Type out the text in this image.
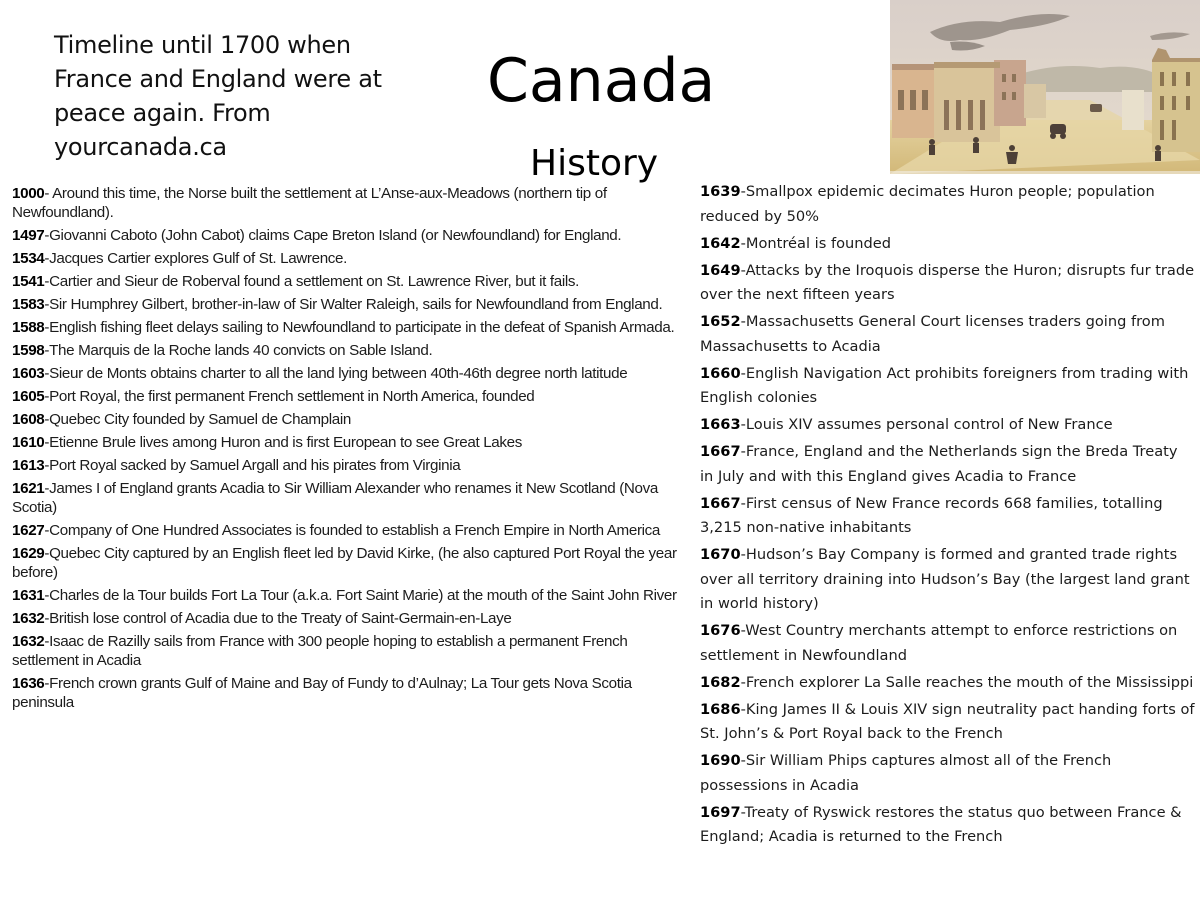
Timeline until 1700 when France and England were at peace again. From yourcanada.ca
Canada
History

1000- Around this time, the Norse built the settlement at L’Anse-aux-Meadows (northern tip of Newfoundland).

1497-Giovanni Caboto (John Cabot) claims Cape Breton Island (or Newfoundland) for England.

1534-Jacques Cartier explores Gulf of St. Lawrence.

1541-Cartier and Sieur de Roberval found a settlement on St. Lawrence River, but it fails.

1583-Sir Humphrey Gilbert, brother-in-law of Sir Walter Raleigh, sails for Newfoundland from England.

1588-English fishing fleet delays sailing to Newfoundland to participate in the defeat of Spanish Armada.

1598-The Marquis de la Roche lands 40 convicts on Sable Island.

1603-Sieur de Monts obtains charter to all the land lying between 40th-46th degree north latitude

1605-Port Royal, the first permanent French settlement in North America, founded

1608-Quebec City founded by Samuel de Champlain

1610-Etienne Brule lives among Huron and is first European to see Great Lakes

1613-Port Royal sacked by Samuel Argall and his pirates from Virginia

1621-James I of England grants Acadia to Sir William Alexander who renames it New Scotland (Nova Scotia)

1627-Company of One Hundred Associates is founded to establish a French Empire in North America

1629-Quebec City captured by an English fleet led by David Kirke, (he also captured Port Royal the year before)

1631-Charles de la Tour builds Fort La Tour (a.k.a. Fort Saint Marie) at the mouth of the Saint John River

1632-British lose control of Acadia due to the Treaty of Saint-Germain-en-Laye

1632-Isaac de Razilly sails from France with 300 people hoping to establish a permanent French settlement in Acadia

1636-French crown grants Gulf of Maine and Bay of Fundy to d’Aulnay; La Tour gets Nova Scotia peninsula

1639-Smallpox epidemic decimates Huron people; population reduced by 50%

1642-Montréal is founded

1649-Attacks by the Iroquois disperse the Huron; disrupts fur trade over the next fifteen years

1652-Massachusetts General Court licenses traders going from Massachusetts to Acadia

1660-English Navigation Act prohibits foreigners from trading with English colonies

1663-Louis XIV assumes personal control of New France

1667-France, England and the Netherlands sign the Breda Treaty in July and with this England gives Acadia to France

1667-First census of New France records 668 families, totalling 3,215 non-native inhabitants

1670-Hudson’s Bay Company is formed and granted trade rights over all territory draining into Hudson’s Bay (the largest land grant in world history)

1676-West Country merchants attempt to enforce restrictions on settlement in Newfoundland

1682-French explorer La Salle reaches the mouth of the Mississippi

1686-King James II & Louis XIV sign neutrality pact handing forts of St. John’s & Port Royal back to the French

1690-Sir William Phips captures almost all of the French possessions in Acadia

1697-Treaty of Ryswick restores the status quo between France & England; Acadia is returned to the French
